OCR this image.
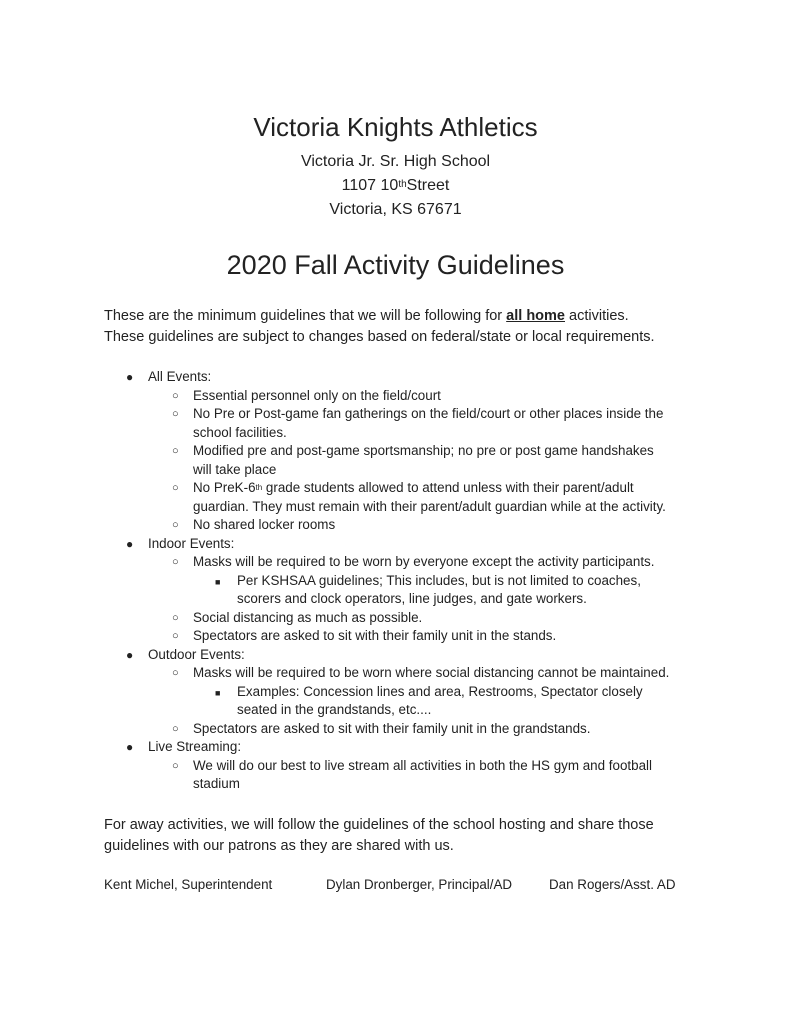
Victoria Knights Athletics
Victoria Jr. Sr. High School
1107 10thStreet
Victoria, KS 67671
2020 Fall Activity Guidelines
These are the minimum guidelines that we will be following for all home activities.
These guidelines are subject to changes based on federal/state or local requirements.
● All Events:
○ Essential personnel only on the field/court
○ No Pre or Post-game fan gatherings on the field/court or other places inside the
school facilities.
○ Modified pre and post-game sportsmanship; no pre or post game handshakes
will take place
○ No PreK-6th grade students allowed to attend unless with their parent/adult
guardian. They must remain with their parent/adult guardian while at the activity.
○ No shared locker rooms
● Indoor Events:
○ Masks will be required to be worn by everyone except the activity participants.
■ Per KSHSAA guidelines; This includes, but is not limited to coaches,
scorers and clock operators, line judges, and gate workers.
○ Social distancing as much as possible.
○ Spectators are asked to sit with their family unit in the stands.
● Outdoor Events:
○ Masks will be required to be worn where social distancing cannot be maintained.
■ Examples: Concession lines and area, Restrooms, Spectator closely
seated in the grandstands, etc....
○ Spectators are asked to sit with their family unit in the grandstands.
● Live Streaming:
○ We will do our best to live stream all activities in both the HS gym and football
stadium
For away activities, we will follow the guidelines of the school hosting and share those
guidelines with our patrons as they are shared with us.
Kent Michel, Superintendent	Dylan Dronberger, Principal/AD	Dan Rogers/Asst. AD
